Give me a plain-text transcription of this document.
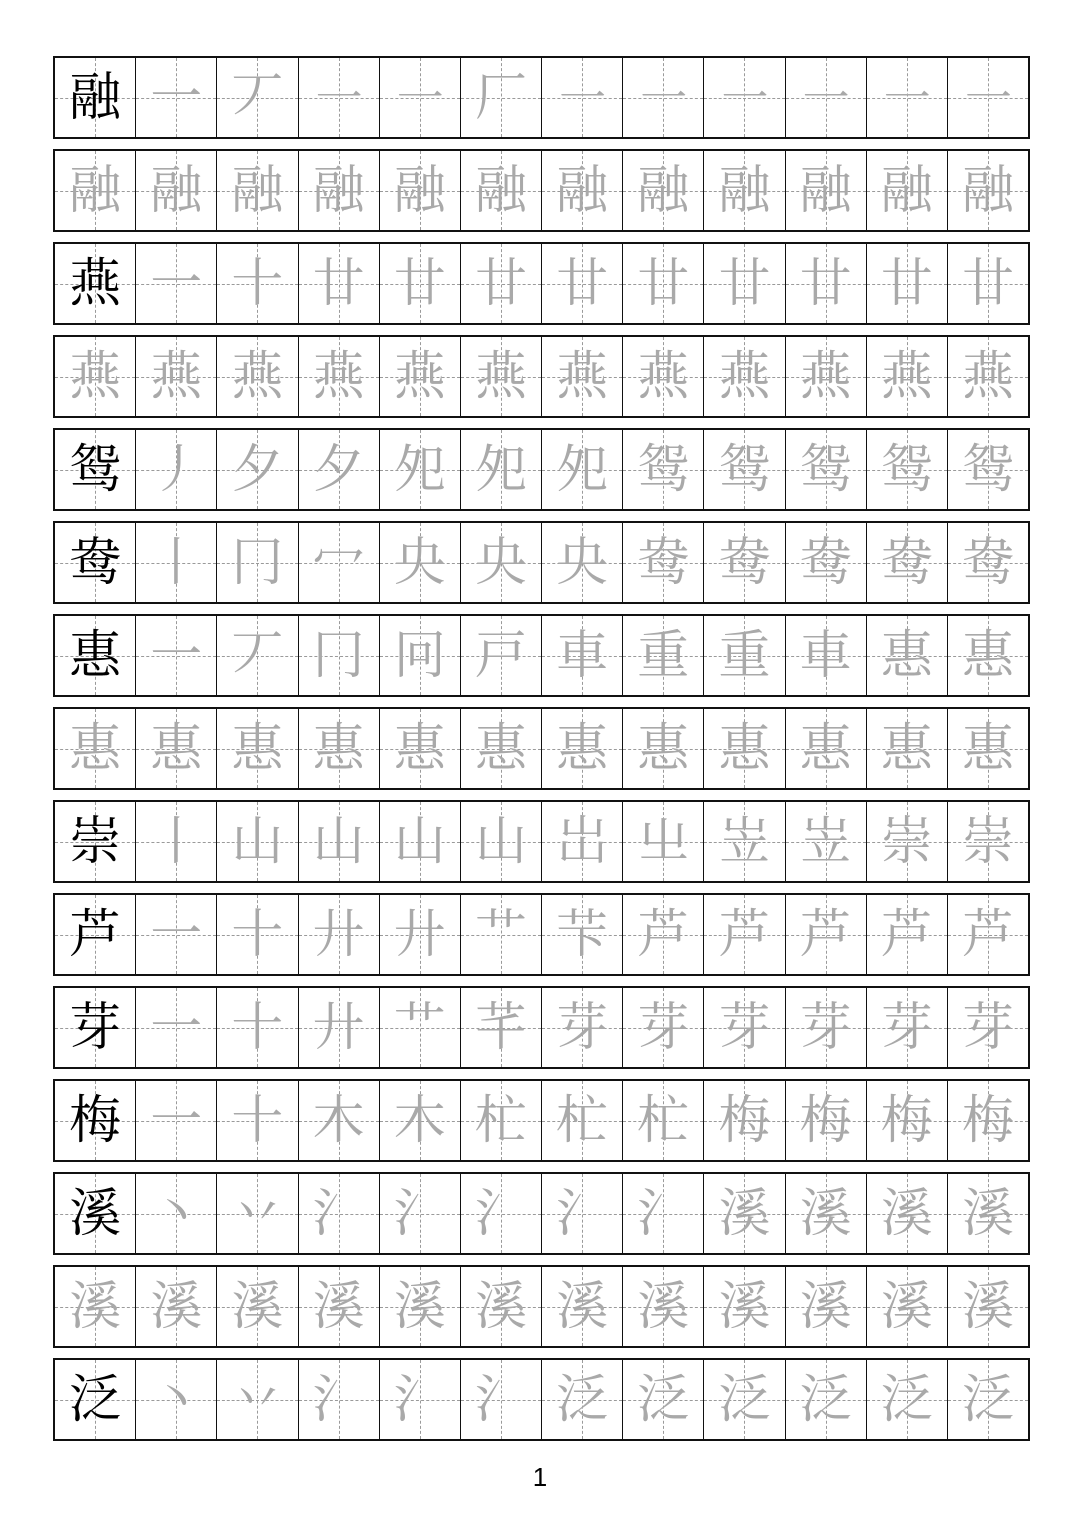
融 一 丆 ㇐ ㇐ 厂 ㇐ ㇐ ㇐ ㇐ ㇐ ㇐
融 融 融 融 融 融 融 融 融 融 融 融
燕 一 十 廿 廿 廿 廿 廿 廿 廿 廿 廿
燕 燕 燕 燕 燕 燕 燕 燕 燕 燕 燕 燕
鸳 丿 夕 夕 夗 夗 夗 鸳 鸳 鸳 鸳 鸳
鸯 丨 冂 冖 央 央 央 鸯 鸯 鸯 鸯 鸯
惠 一 丆 冂 冋 戸 車 重 重 車 惠 惠
惠 惠 惠 惠 惠 惠 惠 惠 惠 惠 惠 惠
崇 丨 山 山 山 山 岀 㞢 岦 岦 崇 崇
芦 一 十 廾 廾 艹 芐 芦 芦 芦 芦 芦
芽 一 十 廾 艹 芊 芽 芽 芽 芽 芽 芽
梅 一 十 木 木 杧 杧 杧 梅 梅 梅 梅
溪 丶 丷 氵 氵 氵 氵 氵 溪 溪 溪 溪
溪 溪 溪 溪 溪 溪 溪 溪 溪 溪 溪 溪
泛 丶 丷 氵 氵 氵 泛 泛 泛 泛 泛 泛
1
